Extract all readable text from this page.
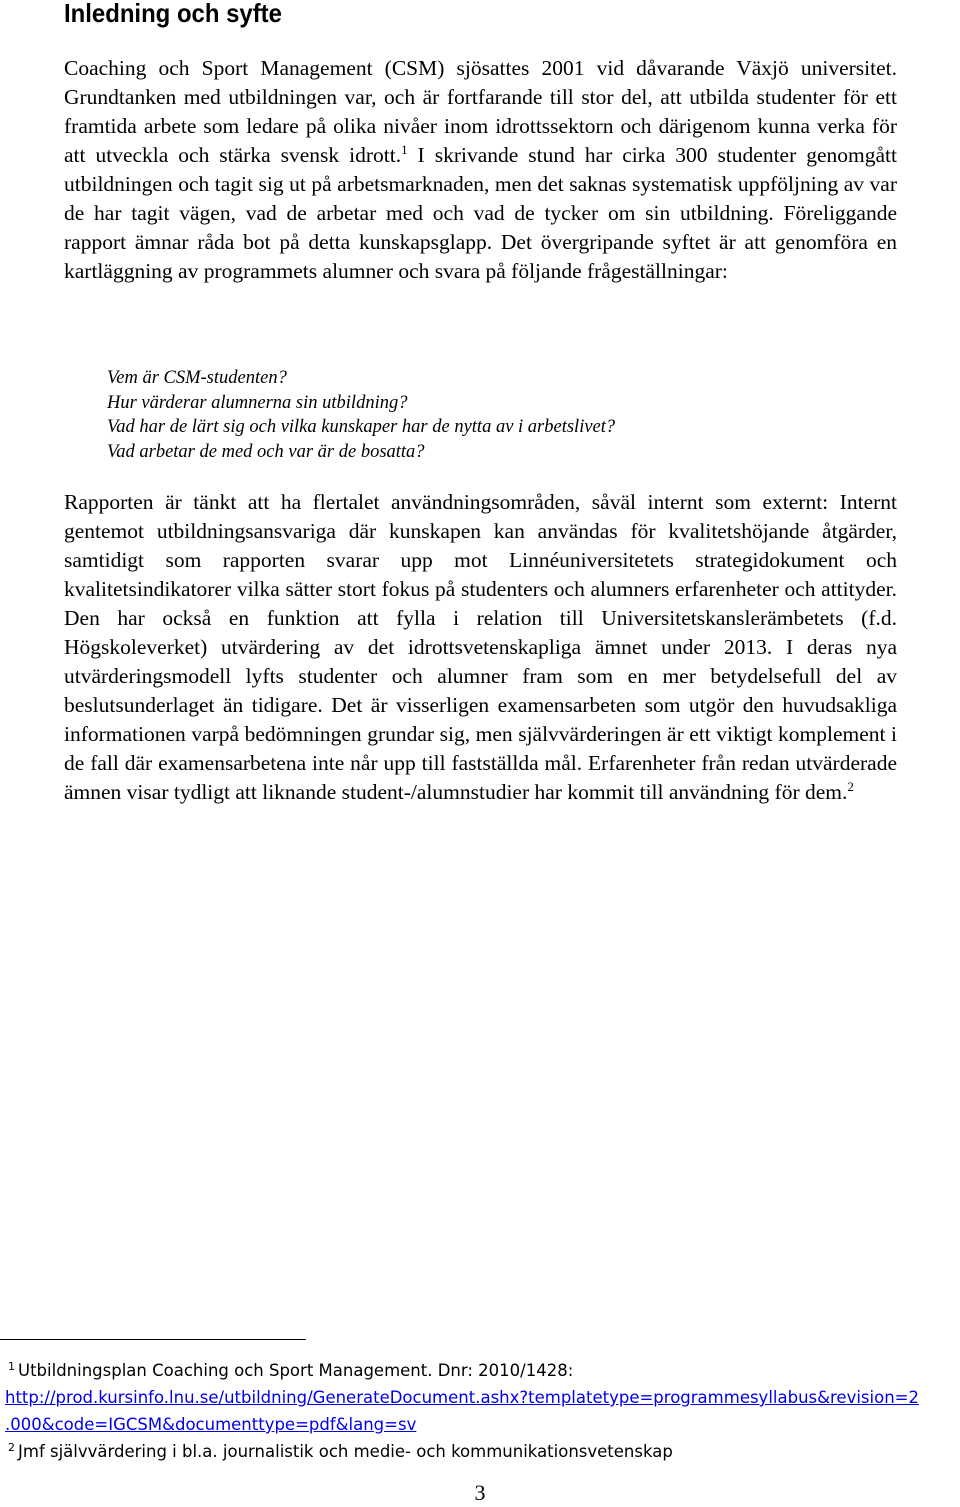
Inledning och syfte

Coaching och Sport Management (CSM) sjösattes 2001 vid dåvarande Växjö universitet. Grundtanken med utbildningen var, och är fortfarande till stor del, att utbilda studenter för ett framtida arbete som ledare på olika nivåer inom idrottssektorn och därigenom kunna verka för att utveckla och stärka svensk idrott.$^1$ I skrivande stund har cirka 300 studenter genomgått utbildningen och tagit sig ut på arbetsmarknaden, men det saknas systematisk uppföljning av var de har tagit vägen, vad de arbetar med och vad de tycker om sin utbildning. Föreliggande rapport ämnar råda bot på detta kunskapsglapp. Det övergripande syftet är att genomföra en kartläggning av programmets alumner och svara på följande frågeställningar:

Vem är CSM-studenten?
Hur värderar alumnerna sin utbildning?
Vad har de lärt sig och vilka kunskaper har de nytta av i arbetslivet?
Vad arbetar de med och var är de bosatta?

Rapporten är tänkt att ha flertalet användningsområden, såväl internt som externt: Internt gentemot utbildningsansvariga där kunskapen kan användas för kvalitetshöjande åtgärder, samtidigt som rapporten svarar upp mot Linnéuniversitetets strategidokument och kvalitetsindikatorer vilka sätter stort fokus på studenters och alumners erfarenheter och attityder. Den har också en funktion att fylla i relation till Universitetskanslerämbetets (f.d. Högskoleverket) utvärdering av det idrottsvetenskapliga ämnet under 2013. I deras nya utvärderingsmodell lyfts studenter och alumner fram som en mer betydelsefull del av beslutsunderlaget än tidigare. Det är visserligen examensarbeten som utgör den huvudsakliga informationen varpå bedömningen grundar sig, men självvärderingen är ett viktigt komplement i de fall där examensarbetena inte når upp till fastställda mål. Erfarenheter från redan utvärderade ämnen visar tydligt att liknande student-/alumnstudier har kommit till användning för dem.$^2$

$^1$ Utbildningsplan Coaching och Sport Management. Dnr: 2010/1428:

http://prod.kursinfo.lnu.se/utbildning/GenerateDocument.ashx?templatetype=programmesyllabus&revision=2
.000&code=IGCSM&documenttype=pdf&lang=sv

$^2$ Jmf självvärdering i bl.a. journalistik och medie- och kommunikationsvetenskap

3
